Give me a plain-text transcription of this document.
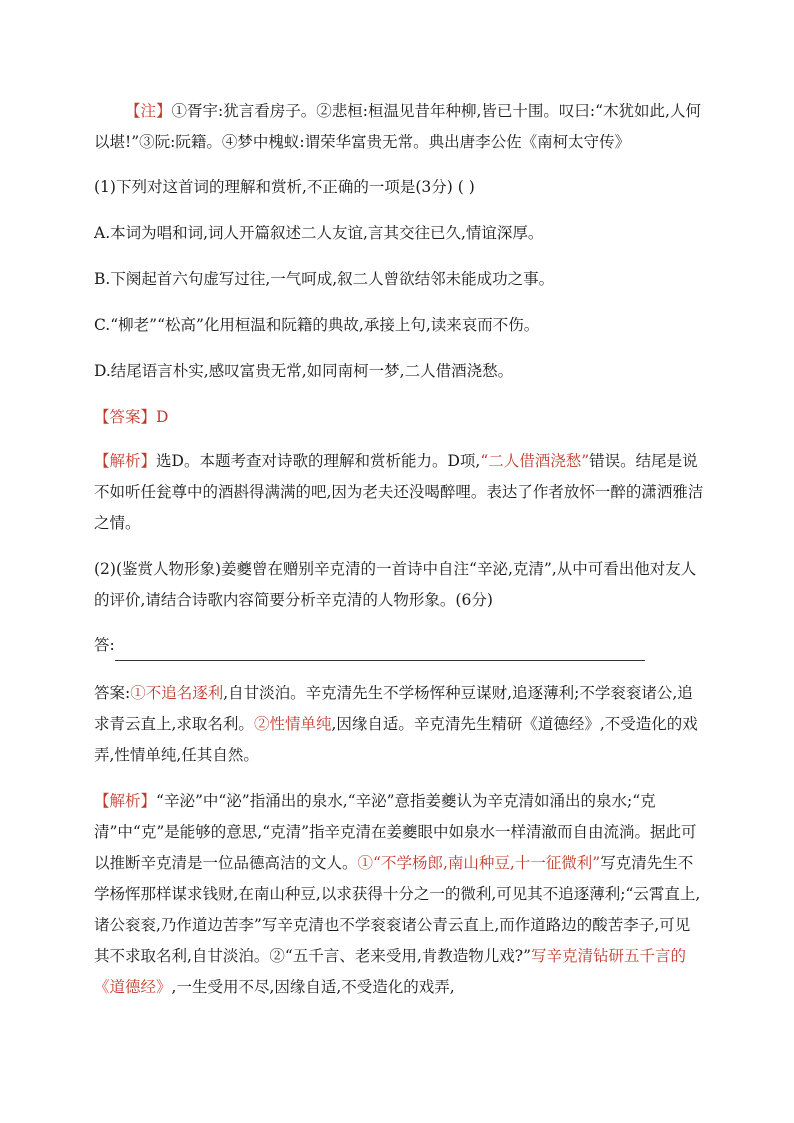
【注】①胥宇:犹言看房子。②悲桓:桓温见昔年种柳,皆已十围。叹曰:“木犹如此,人何以堪!”③阮:阮籍。④梦中槐蚁:谓荣华富贵无常。典出唐李公佐《南柯太守传》

(1)下列对这首词的理解和赏析,不正确的一项是(3分) ( )

A.本词为唱和词,词人开篇叙述二人友谊,言其交往已久,情谊深厚。

B.下阕起首六句虚写过往,一气呵成,叙二人曾欲结邻未能成功之事。

C.“柳老”“松高”化用桓温和阮籍的典故,承接上句,读来哀而不伤。

D.结尾语言朴实,感叹富贵无常,如同南柯一梦,二人借酒浇愁。

【答案】D

【解析】选D。本题考查对诗歌的理解和赏析能力。D项,“二人借酒浇愁”错误。结尾是说不如听任瓮尊中的酒斟得满满的吧,因为老夫还没喝醉哩。表达了作者放怀一醉的潇洒雅洁之情。

(2)(鉴赏人物形象)姜夔曾在赠别辛克清的一首诗中自注“辛泌,克清”,从中可看出他对友人的评价,请结合诗歌内容简要分析辛克清的人物形象。(6分)

答:

答案:①不追名逐利,自甘淡泊。辛克清先生不学杨恽种豆谋财,追逐薄利;不学衮衮诸公,追求青云直上,求取名利。②性情单纯,因缘自适。辛克清先生精研《道德经》,不受造化的戏弄,性情单纯,任其自然。

【解析】“辛泌”中“泌”指涌出的泉水,“辛泌”意指姜夔认为辛克清如涌出的泉水;“克清”中“克”是能够的意思,“克清”指辛克清在姜夔眼中如泉水一样清澈而自由流淌。据此可以推断辛克清是一位品德高洁的文人。①“不学杨郎,南山种豆,十一征微利”写克清先生不学杨恽那样谋求钱财,在南山种豆,以求获得十分之一的微利,可见其不追逐薄利;“云霄直上,诸公衮衮,乃作道边苦李”写辛克清也不学衮衮诸公青云直上,而作道路边的酸苦李子,可见其不求取名利,自甘淡泊。②“五千言、老来受用,肯教造物儿戏?”写辛克清钻研五千言的《道德经》,一生受用不尽,因缘自适,不受造化的戏弄,
